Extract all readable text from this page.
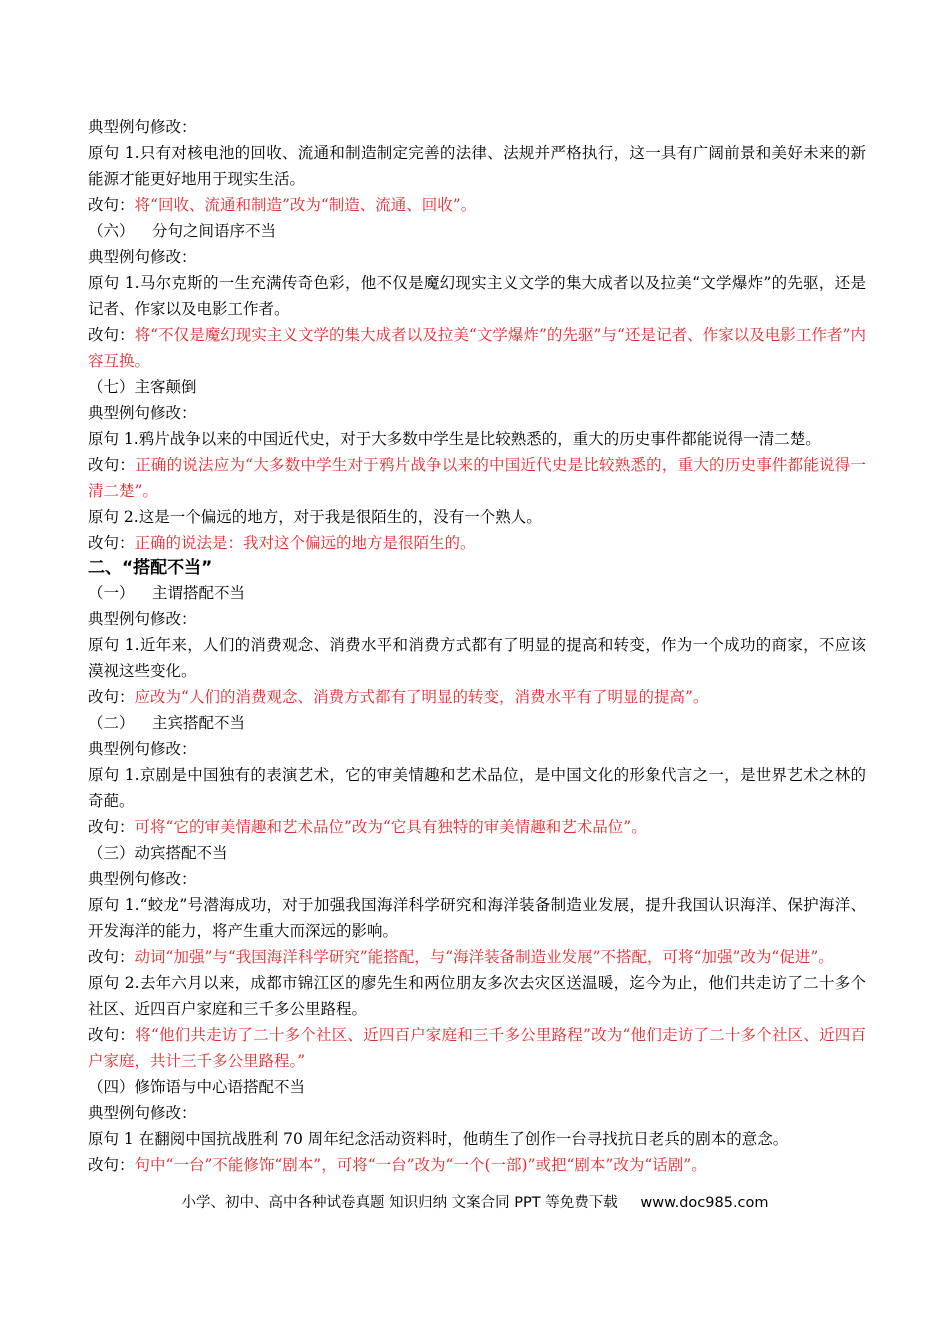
典型例句修改：

原句 1.只有对核电池的回收、流通和制造制定完善的法律、法规并严格执行，这一具有广阔前景和美好未来的新能源才能更好地用于现实生活。

改句：将“回收、流通和制造”改为“制造、流通、回收”。

（六） 分句之间语序不当

典型例句修改：

原句 1.马尔克斯的一生充满传奇色彩，他不仅是魔幻现实主义文学的集大成者以及拉美“文学爆炸”的先驱，还是记者、作家以及电影工作者。

改句：将“不仅是魔幻现实主义文学的集大成者以及拉美“文学爆炸”的先驱”与“还是记者、作家以及电影工作者”内容互换。

（七）主客颠倒

典型例句修改：

原句 1.鸦片战争以来的中国近代史，对于大多数中学生是比较熟悉的，重大的历史事件都能说得一清二楚。

改句：正确的说法应为“大多数中学生对于鸦片战争以来的中国近代史是比较熟悉的，重大的历史事件都能说得一清二楚”。

原句 2.这是一个偏远的地方，对于我是很陌生的，没有一个熟人。

改句：正确的说法是：我对这个偏远的地方是很陌生的。

二、“搭配不当”

（一） 主谓搭配不当

典型例句修改：

原句 1.近年来，人们的消费观念、消费水平和消费方式都有了明显的提高和转变，作为一个成功的商家，不应该漠视这些变化。

改句：应改为“人们的消费观念、消费方式都有了明显的转变，消费水平有了明显的提高”。

（二） 主宾搭配不当

典型例句修改：

原句 1.京剧是中国独有的表演艺术，它的审美情趣和艺术品位，是中国文化的形象代言之一，是世界艺术之林的奇葩。

改句：可将“它的审美情趣和艺术品位”改为“它具有独特的审美情趣和艺术品位”。

（三）动宾搭配不当

典型例句修改：

原句 1.“蛟龙”号潜海成功，对于加强我国海洋科学研究和海洋装备制造业发展，提升我国认识海洋、保护海洋、开发海洋的能力，将产生重大而深远的影响。

改句：动词“加强”与“我国海洋科学研究”能搭配，与“海洋装备制造业发展”不搭配，可将“加强”改为“促进”。

原句 2.去年六月以来，成都市锦江区的廖先生和两位朋友多次去灾区送温暖，迄今为止，他们共走访了二十多个社区、近四百户家庭和三千多公里路程。

改句：将“他们共走访了二十多个社区、近四百户家庭和三千多公里路程”改为“他们走访了二十多个社区、近四百户家庭，共计三千多公里路程。”

（四）修饰语与中心语搭配不当

典型例句修改：

原句 1 在翻阅中国抗战胜利 70 周年纪念活动资料时，他萌生了创作一台寻找抗日老兵的剧本的意念。

改句：句中“一台”不能修饰“剧本”，可将“一台”改为“一个(一部)”或把“剧本”改为“话剧”。

小学、初中、高中各种试卷真题 知识归纳 文案合同 PPT 等免费下载 www.doc985.com
